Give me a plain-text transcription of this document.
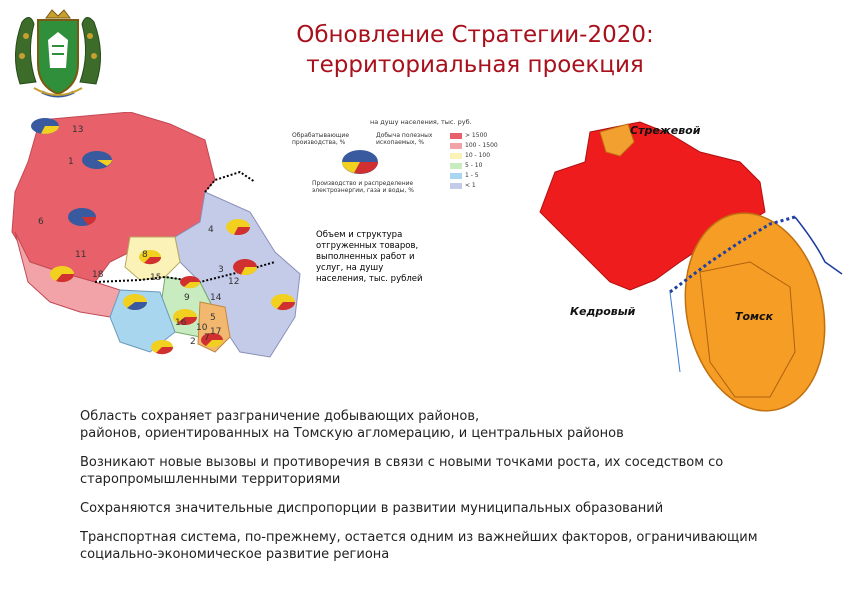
Обновление Стратегии-2020:
территориальная проекция
13
1
6
11
18
8
15
4
3
9
12
14
16	5
10 17
2 7
на душу населения, тыс. руб.
Обрабатывающие производства, %
Добыча полезных ископаемых, %
Производство и распределение электроэнергии, газа и воды, %
> 1500
100 - 1500
10 - 100
5 - 10
1 - 5
< 1
Объем и структура отгруженных товаров, выполненных работ и услуг, на душу населения, тыс. рублей
Стрежевой
Кедровый	Томск

Область сохраняет разграничение добывающих районов,
районов, ориентированных на Томскую агломерацию, и центральных районов

Возникают новые вызовы и противоречия в связи с новыми точками роста, их соседством со старопромышленными территориями

Сохраняются значительные диспропорции в развитии муниципальных образований

Транспортная система, по-прежнему, остается одним из важнейших факторов, ограничивающим социально-экономическое развитие региона
